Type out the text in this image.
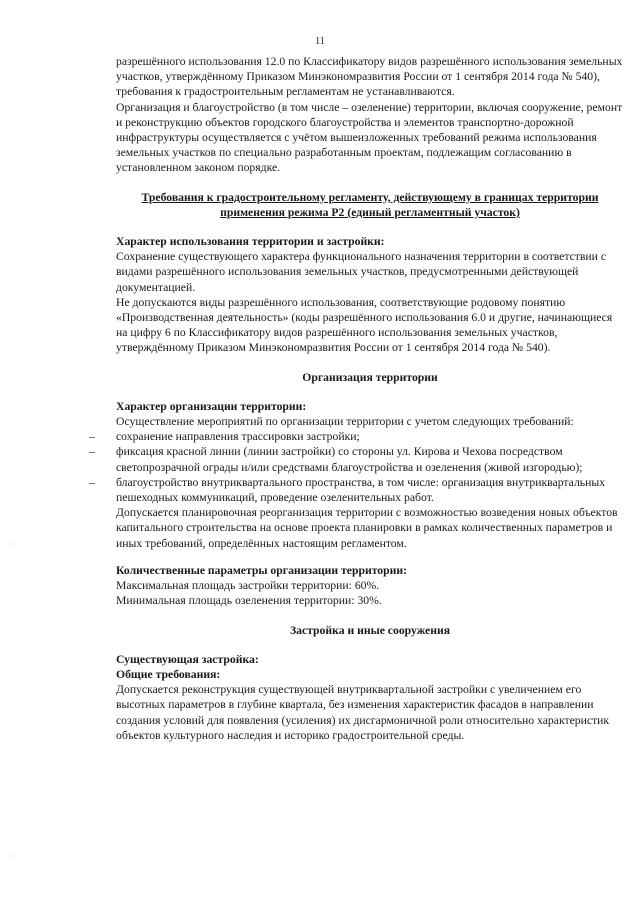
11

разрешённого использования 12.0 по Классификатору видов разрешённого использования земельных участков, утверждённому Приказом Минэкономразвития России от 1 сентября 2014 года № 540), требования к градостроительным регламентам не устанавливаются.

Организация и благоустройство (в том числе – озеленение) территории, включая сооружение, ремонт и реконструкцию объектов городского благоустройства и элементов транспортно-дорожной инфраструктуры осуществляется с учётом вышеизложенных требований режима использования земельных участков по специально разработанным проектам, подлежащим согласованию в установленном законом порядке.

Требования к градостроительному регламенту, действующему в границах территории применения режима Р2 (единый регламентный участок)

Характер использования территории и застройки:

Сохранение существующего характера функционального назначения территории в соответствии с видами разрешённого использования земельных участков, предусмотренными действующей документацией.

Не допускаются виды разрешённого использования, соответствующие родовому понятию «Производственная деятельность» (коды разрешённого использования 6.0 и другие, начинающиеся на цифру 6 по Классификатору видов разрешённого использования земельных участков, утверждённому Приказом Минэкономразвития России от 1 сентября 2014 года № 540).

Организация территории

Характер организации территории:

Осуществление мероприятий по организации территории с учетом следующих требований:

– сохранение направления трассировки застройки;
– фиксация красной линии (линии застройки) со стороны ул. Кирова и Чехова посредством светопрозрачной ограды и/или средствами благоустройства и озеленения (живой изгородью);
– благоустройство внутриквартального пространства, в том числе: организация внутриквартальных пешеходных коммуникаций, проведение озеленительных работ.

Допускается планировочная реорганизация территории с возможностью возведения новых объектов капитального строительства на основе проекта планировки в рамках количественных параметров и иных требований, определённых настоящим регламентом.

Количественные параметры организации территории:

Максимальная площадь застройки территории: 60%.

Минимальная площадь озеленения территории: 30%.

Застройка и иные сооружения

Существующая застройка:

Общие требования:

Допускается реконструкция существующей внутриквартальной застройки с увеличением его высотных параметров в глубине квартала, без изменения характеристик фасадов в направлении создания условий для появления (усиления) их дисгармоничной роли относительно характеристик объектов культурного наследия и историко градостроительной среды.

·
·
